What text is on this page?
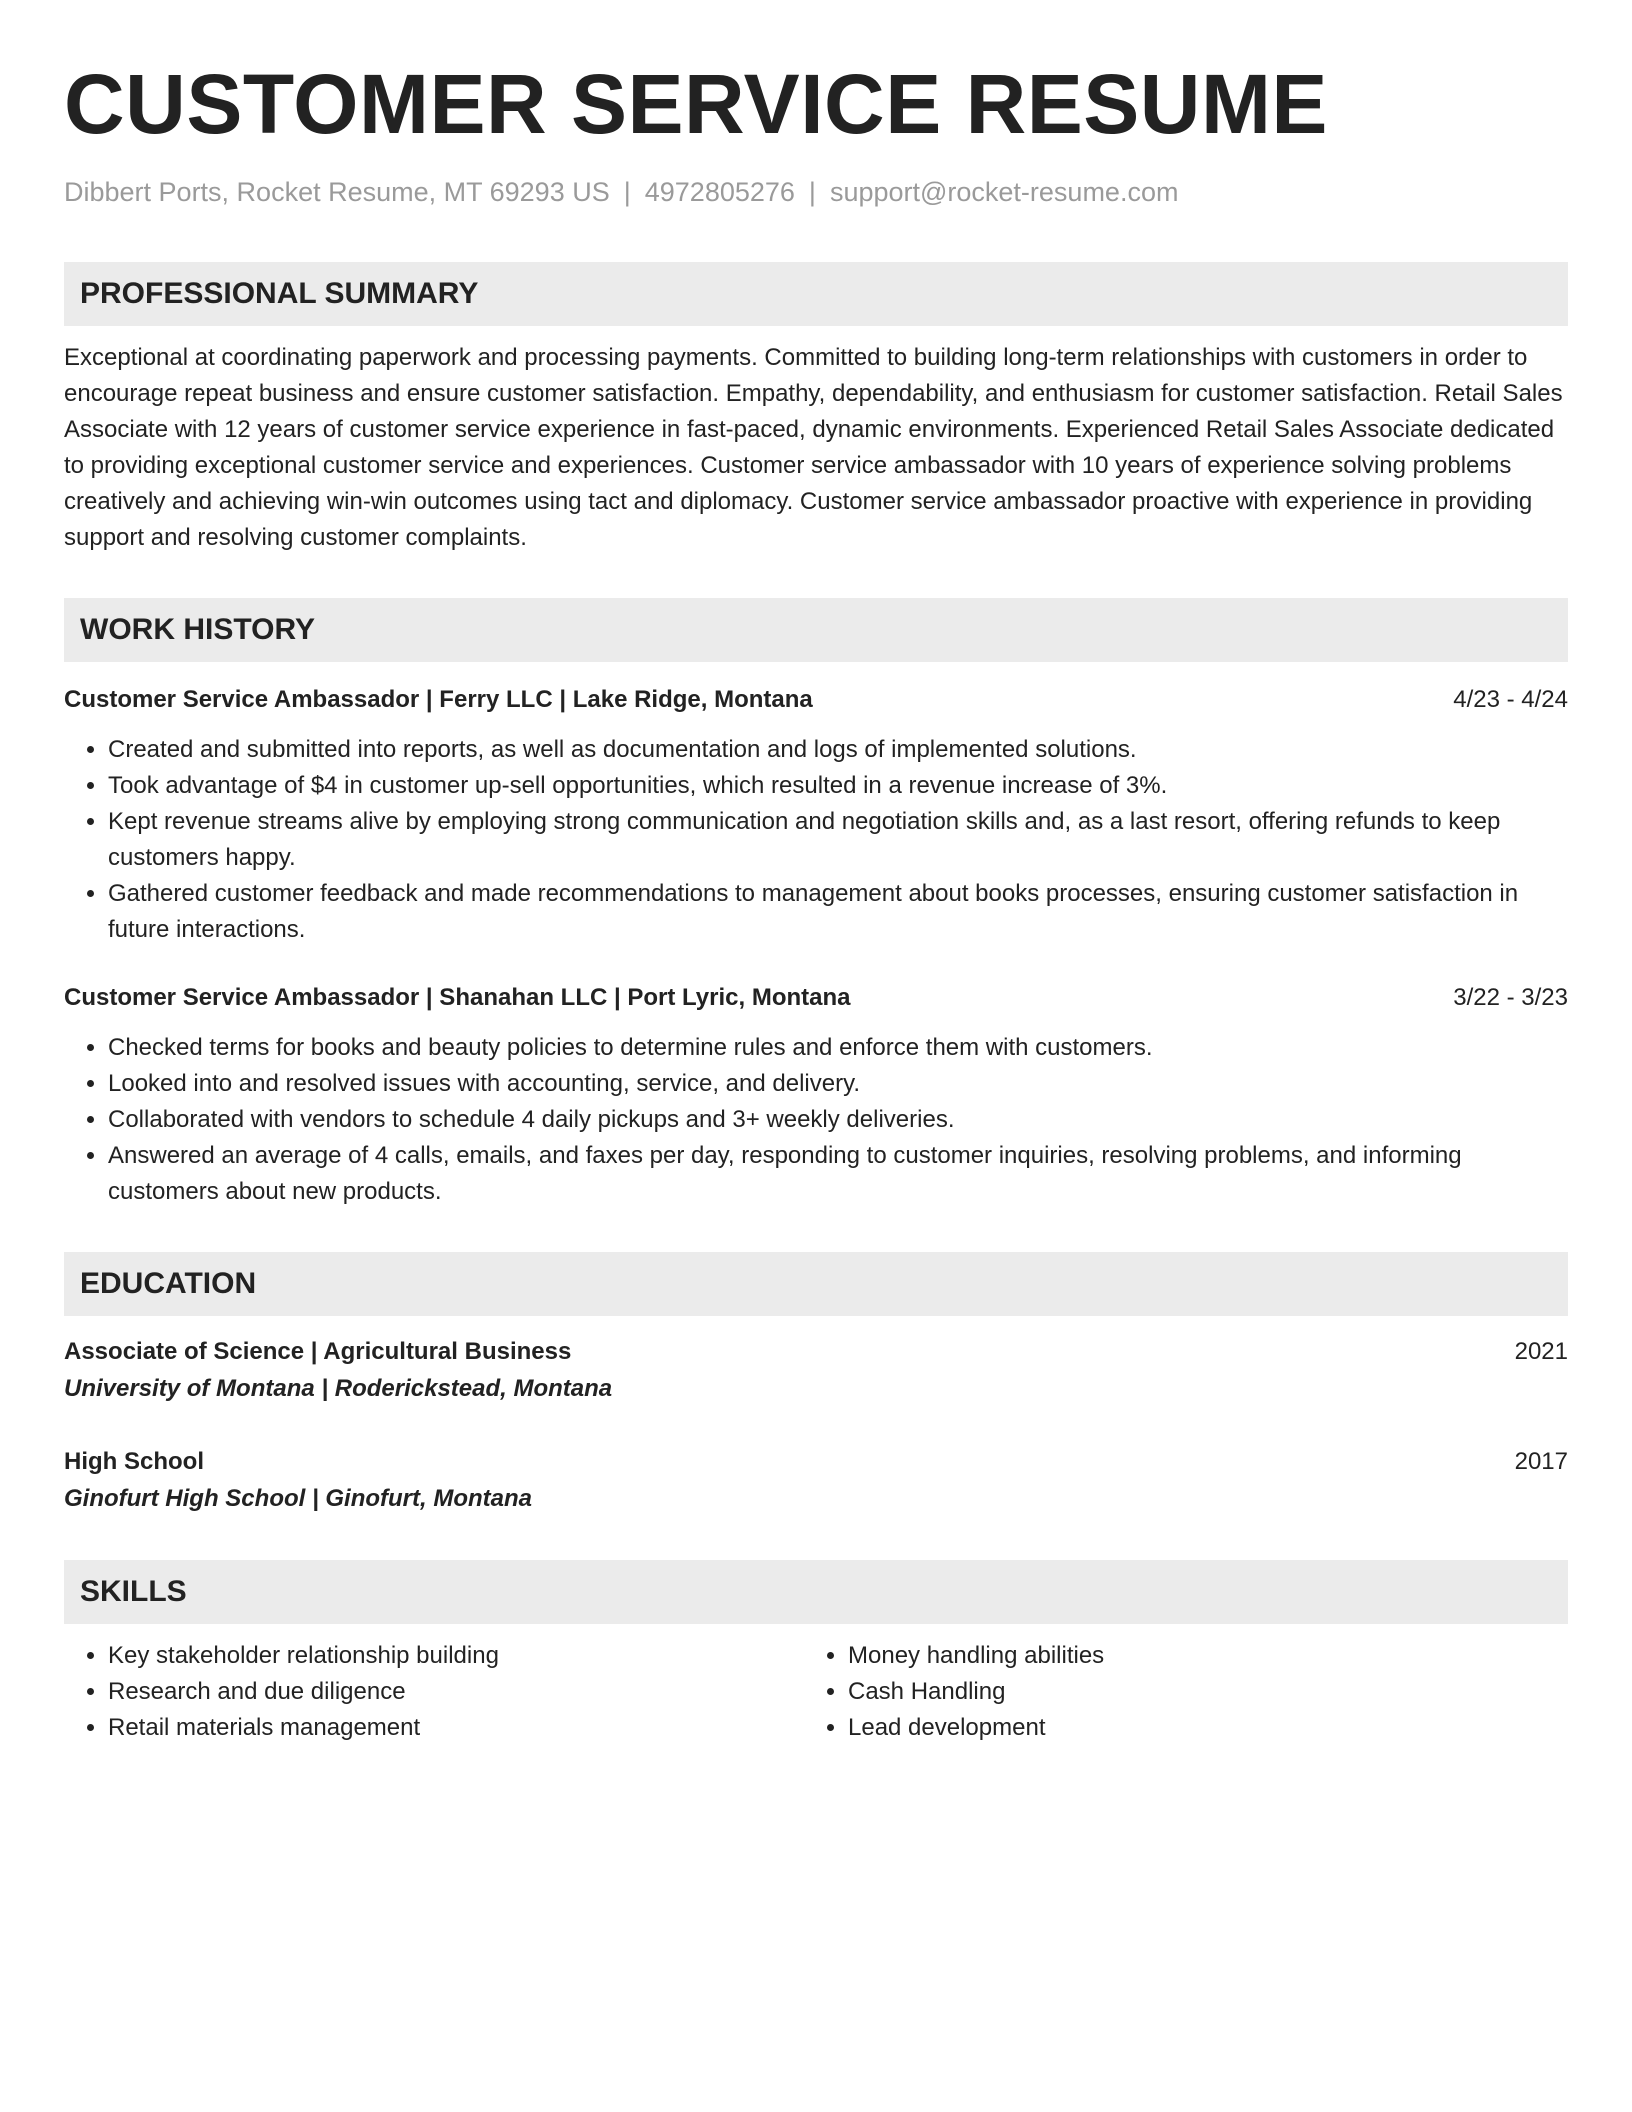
CUSTOMER SERVICE RESUME
Dibbert Ports, Rocket Resume, MT 69293 US | 4972805276 | support@rocket-resume.com
PROFESSIONAL SUMMARY
Exceptional at coordinating paperwork and processing payments. Committed to building long-term relationships with customers in order to encourage repeat business and ensure customer satisfaction. Empathy, dependability, and enthusiasm for customer satisfaction. Retail Sales Associate with 12 years of customer service experience in fast-paced, dynamic environments. Experienced Retail Sales Associate dedicated to providing exceptional customer service and experiences. Customer service ambassador with 10 years of experience solving problems creatively and achieving win-win outcomes using tact and diplomacy. Customer service ambassador proactive with experience in providing support and resolving customer complaints.
WORK HISTORY
Customer Service Ambassador | Ferry LLC | Lake Ridge, Montana	4/23 - 4/24
• Created and submitted into reports, as well as documentation and logs of implemented solutions.
• Took advantage of $4 in customer up-sell opportunities, which resulted in a revenue increase of 3%.
• Kept revenue streams alive by employing strong communication and negotiation skills and, as a last resort, offering refunds to keep customers happy.
• Gathered customer feedback and made recommendations to management about books processes, ensuring customer satisfaction in future interactions.
Customer Service Ambassador | Shanahan LLC | Port Lyric, Montana	3/22 - 3/23
• Checked terms for books and beauty policies to determine rules and enforce them with customers.
• Looked into and resolved issues with accounting, service, and delivery.
• Collaborated with vendors to schedule 4 daily pickups and 3+ weekly deliveries.
• Answered an average of 4 calls, emails, and faxes per day, responding to customer inquiries, resolving problems, and informing customers about new products.
EDUCATION
Associate of Science | Agricultural Business	2021
University of Montana | Roderickstead, Montana
High School	2017
Ginofurt High School | Ginofurt, Montana
SKILLS
• Key stakeholder relationship building
• Research and due diligence
• Retail materials management
• Money handling abilities
• Cash Handling
• Lead development
